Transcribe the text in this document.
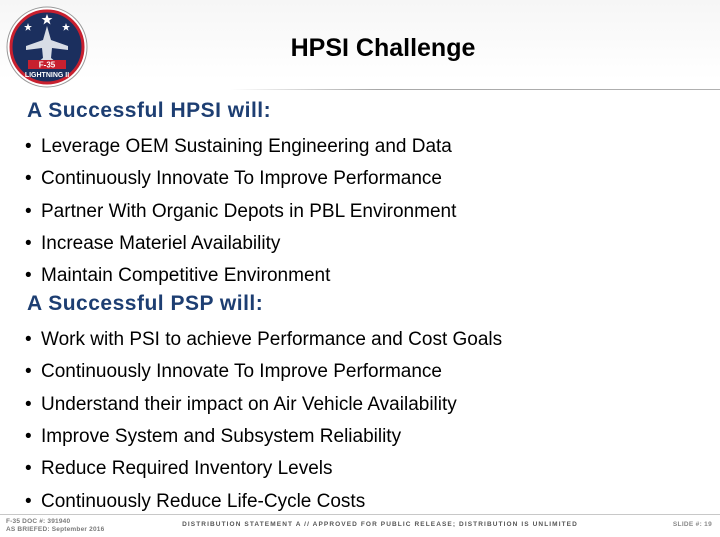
F-35
LIGHTNING II
HPSI Challenge
A Successful HPSI will:
• Leverage OEM Sustaining Engineering and Data
• Continuously Innovate To Improve Performance
• Partner With Organic Depots in PBL Environment
• Increase Materiel Availability
• Maintain Competitive Environment
A Successful PSP will:
• Work with PSI to achieve Performance and Cost Goals
• Continuously Innovate To Improve Performance
• Understand their impact on Air Vehicle Availability
• Improve System and Subsystem Reliability
• Reduce Required Inventory Levels
• Continuously Reduce Life-Cycle Costs
F-35 DOC #: 391940
AS BRIEFED: September 2016
DISTRIBUTION STATEMENT A // APPROVED FOR PUBLIC RELEASE; DISTRIBUTION IS UNLIMITED	SLIDE #: 19
